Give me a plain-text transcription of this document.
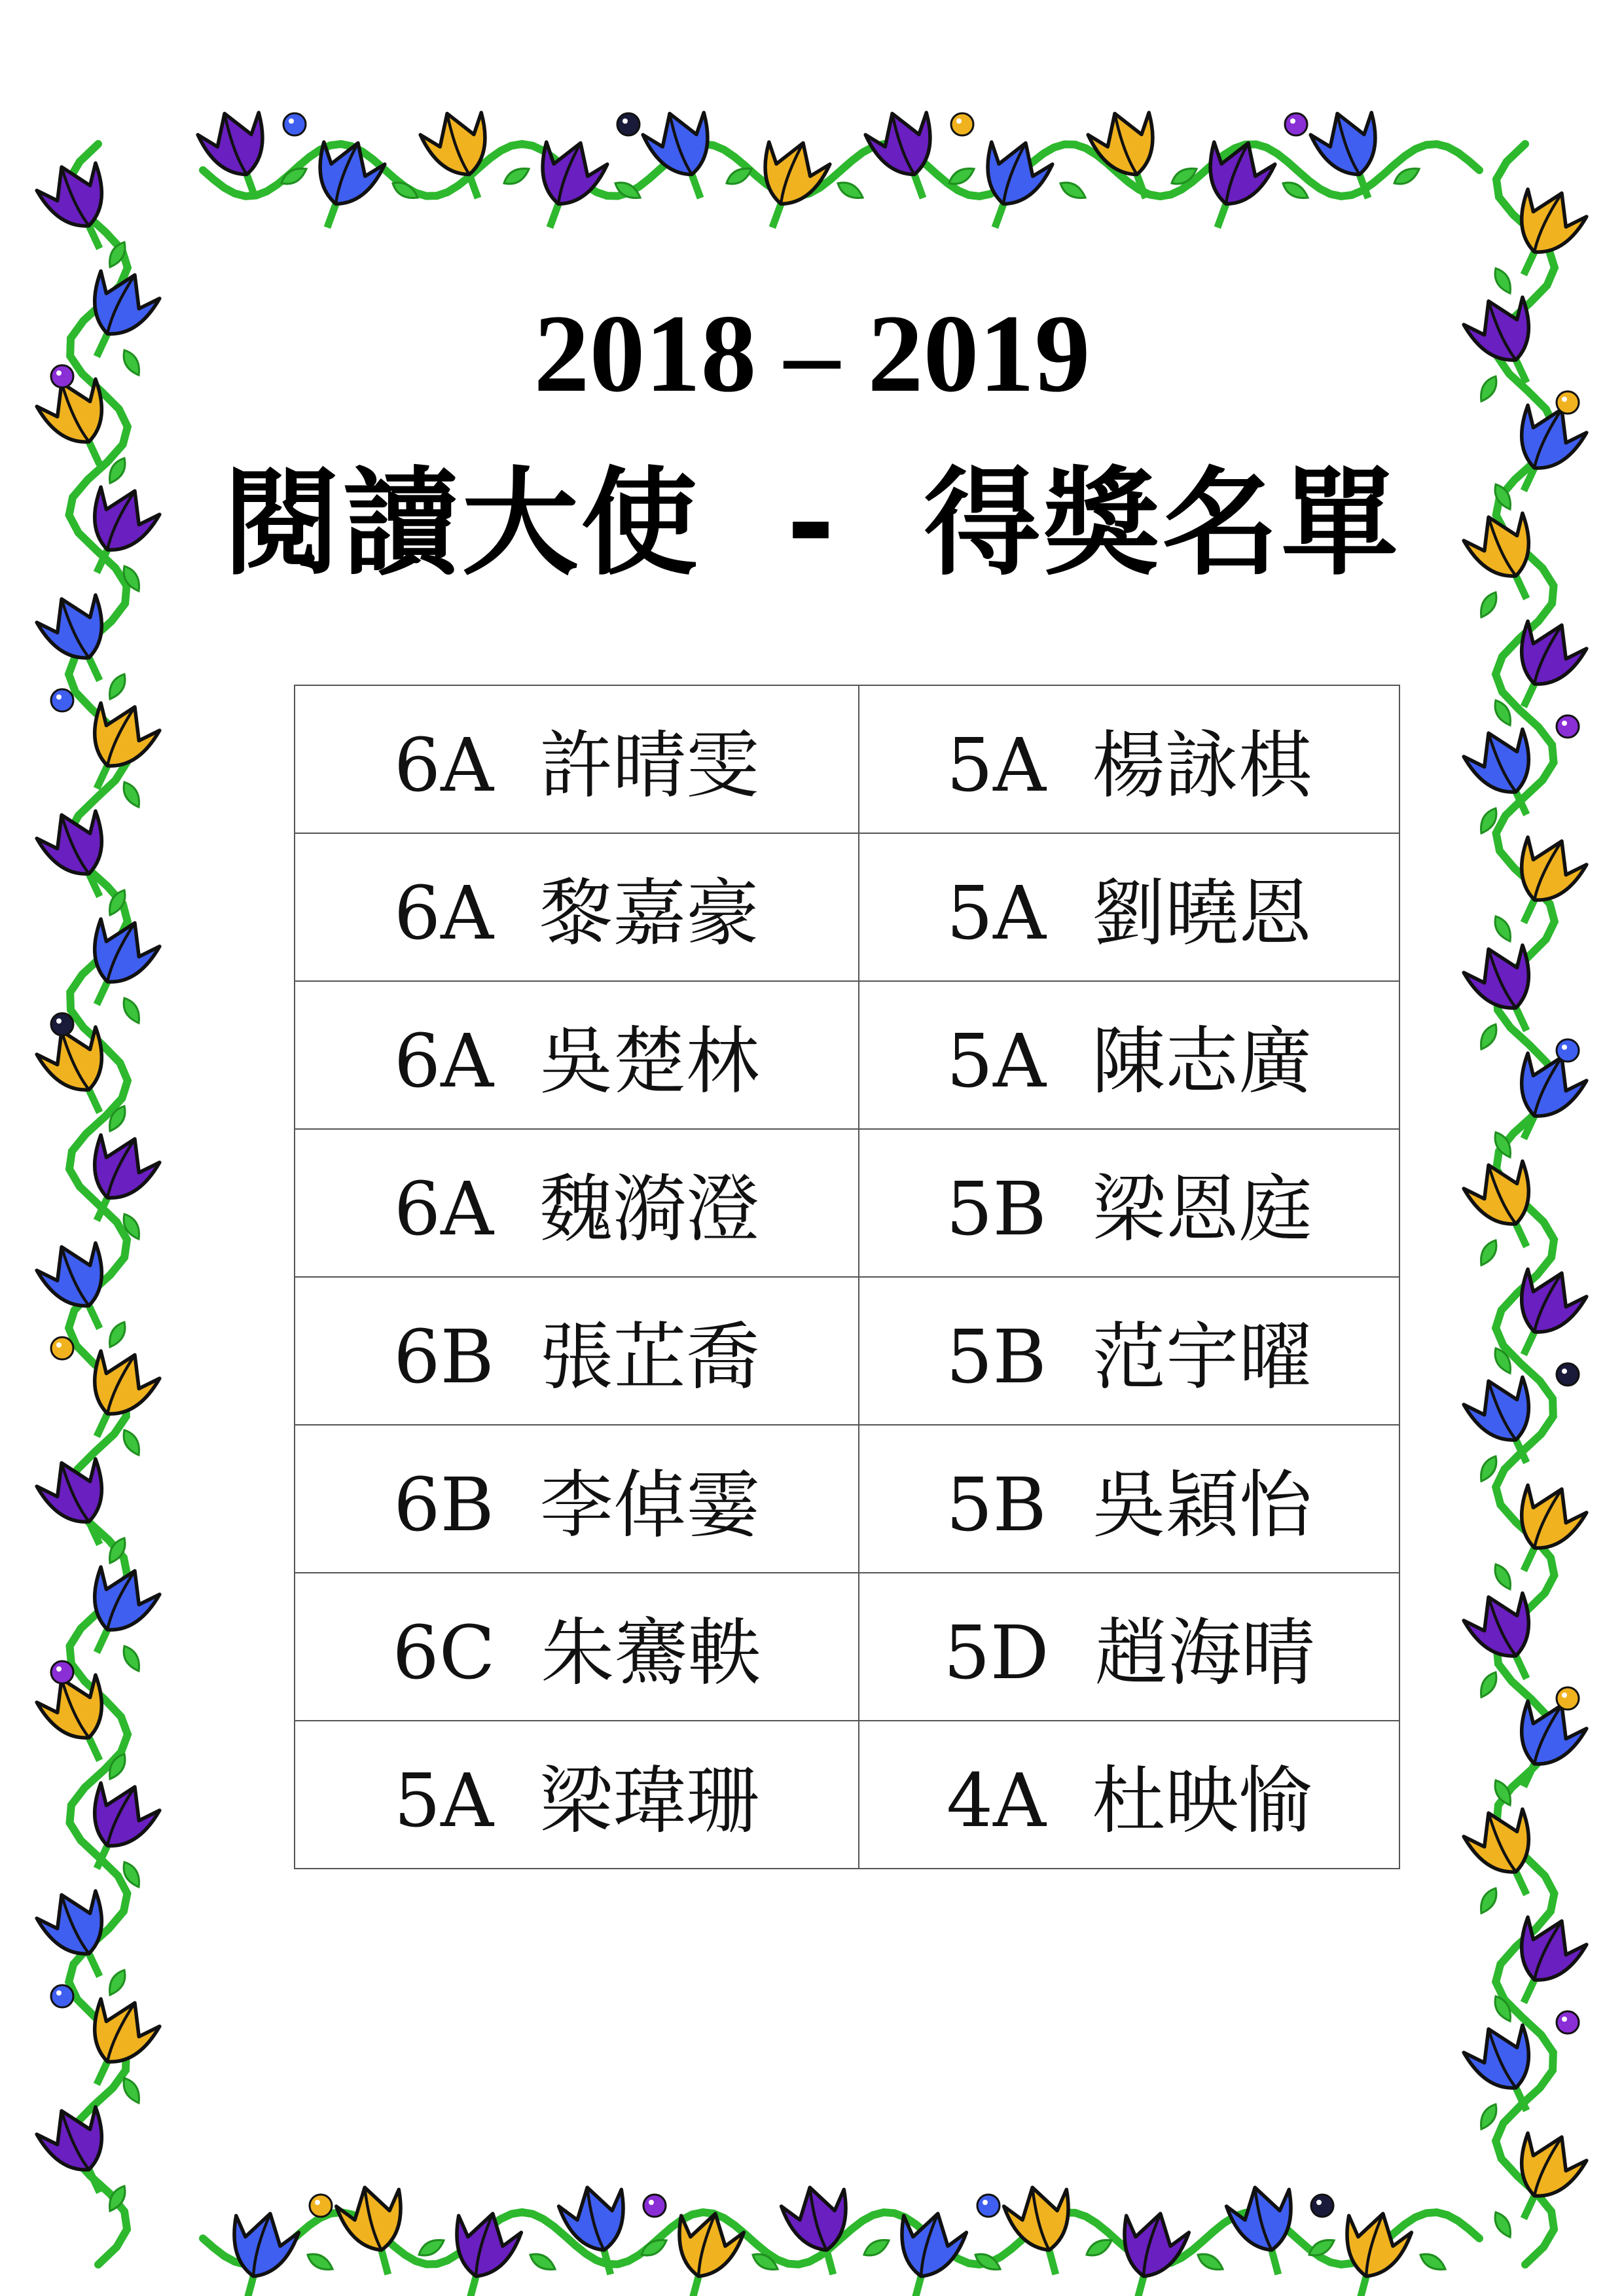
2018 – 2019
閱讀大使  -  得獎名單
6A 許晴雯	5A 楊詠棋
6A 黎嘉豪	5A 劉曉恩
6A 吳楚林	5A 陳志廣
6A 魏漪澄	5B 梁恩庭
6B 張芷喬	5B 范宇曜
6B 李倬霎	5B 吳穎怡
6C 朱騫軼	5D 趙海晴
5A 梁瑋珊	4A 杜映愉
